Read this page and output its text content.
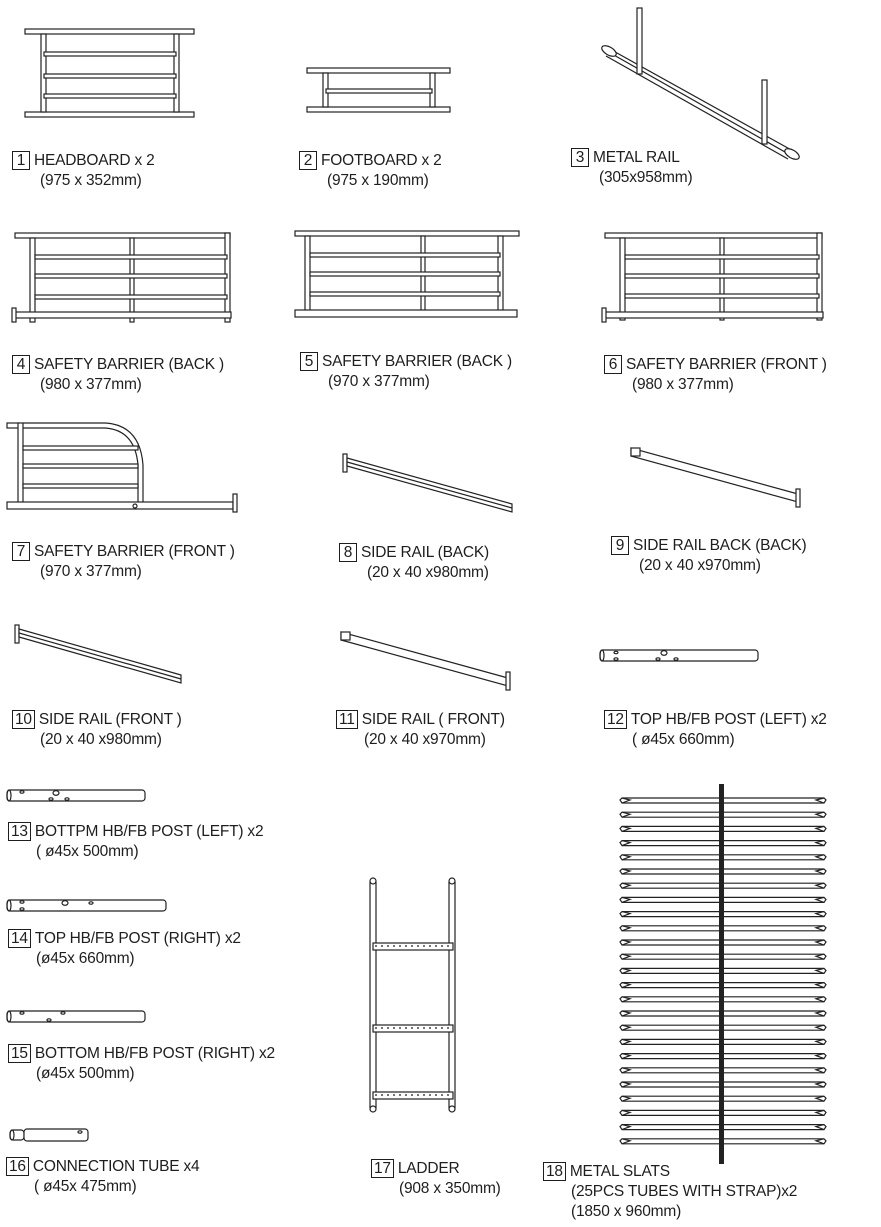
1 HEADBOARD x 2
(975 x 352mm)
2 FOOTBOARD x 2
(975 x 190mm)
3 METAL RAIL
(305x958mm)
4 SAFETY BARRIER (BACK )
(980 x 377mm)
5 SAFETY BARRIER (BACK )
(970 x 377mm)
6 SAFETY BARRIER (FRONT )
(980 x 377mm)
7 SAFETY BARRIER (FRONT )
(970 x 377mm)
8 SIDE RAIL (BACK)
(20 x 40 x980mm)
9 SIDE RAIL BACK (BACK)
(20 x 40 x970mm)
10 SIDE RAIL (FRONT )
(20 x 40 x980mm)
11 SIDE RAIL ( FRONT)
(20 x 40 x970mm)
12 TOP HB/FB POST (LEFT) x2
( ø45x 660mm)
13 BOTTPM HB/FB POST (LEFT) x2
( ø45x 500mm)
14 TOP HB/FB POST (RIGHT) x2
(ø45x 660mm)
15 BOTTOM HB/FB POST (RIGHT) x2
(ø45x 500mm)
16 CONNECTION TUBE x4
( ø45x 475mm)
17 LADDER
(908 x 350mm)
18 METAL SLATS
(25PCS TUBES WITH STRAP)x2
(1850 x 960mm)
